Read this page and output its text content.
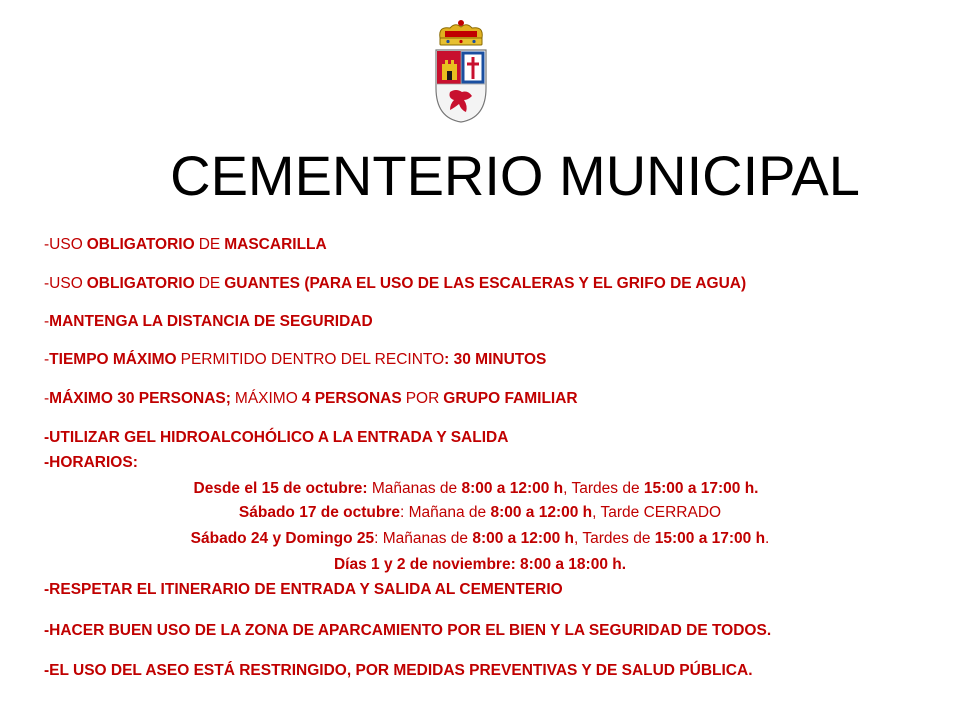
CEMENTERIO MUNICIPAL
-USO OBLIGATORIO DE MASCARILLA
-USO OBLIGATORIO DE GUANTES (PARA EL USO DE LAS ESCALERAS Y EL GRIFO DE AGUA)
-MANTENGA LA DISTANCIA DE SEGURIDAD
-TIEMPO MÁXIMO PERMITIDO DENTRO DEL RECINTO: 30 MINUTOS
-MÁXIMO 30 PERSONAS; MÁXIMO 4 PERSONAS POR GRUPO FAMILIAR
-UTILIZAR GEL HIDROALCOHÓLICO A LA ENTRADA Y SALIDA
-HORARIOS:
Desde el 15 de octubre: Mañanas de 8:00 a 12:00 h, Tardes de 15:00 a 17:00 h.
Sábado 17 de octubre: Mañana de 8:00 a 12:00 h, Tarde CERRADO
Sábado 24 y Domingo 25: Mañanas de 8:00 a 12:00 h, Tardes de 15:00 a 17:00 h.
Días 1 y 2 de noviembre: 8:00 a 18:00 h.
-RESPETAR EL ITINERARIO DE ENTRADA Y SALIDA AL CEMENTERIO
-HACER BUEN USO DE LA ZONA DE APARCAMIENTO POR EL BIEN Y LA SEGURIDAD DE TODOS.
-EL USO DEL ASEO ESTÁ RESTRINGIDO, POR MEDIDAS PREVENTIVAS Y DE SALUD PÚBLICA.
